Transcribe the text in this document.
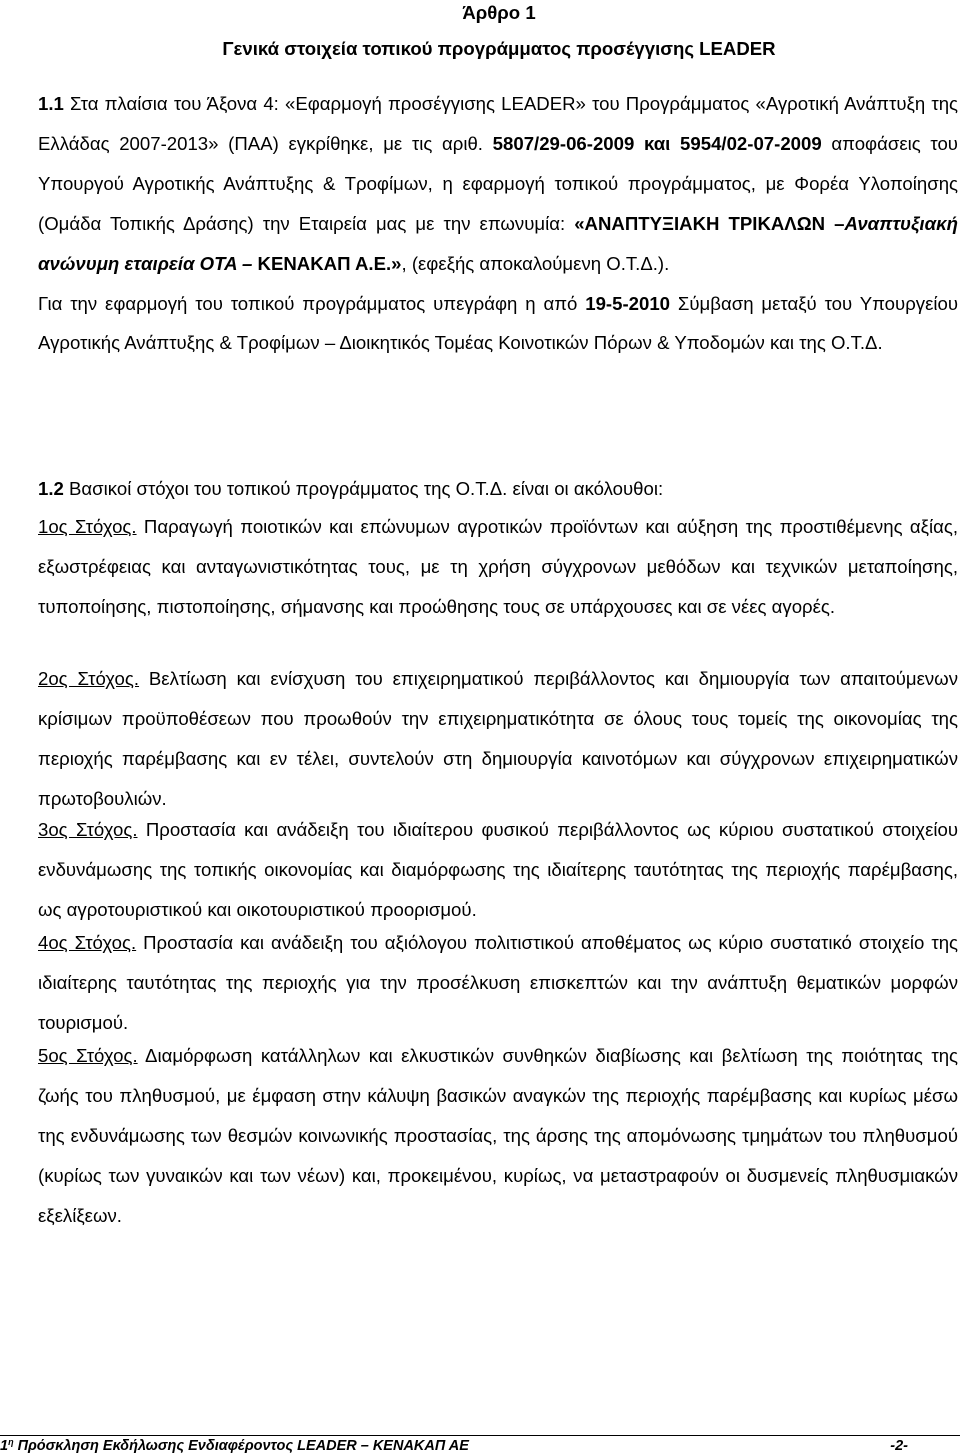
Άρθρο 1

Γενικά στοιχεία τοπικού προγράμματος προσέγγισης LEADER

1.1 Στα πλαίσια του Άξονα 4: «Εφαρμογή προσέγγισης LEADER» του Προγράμματος «Αγροτική Ανάπτυξη της Ελλάδας 2007-2013» (ΠΑΑ) εγκρίθηκε, με τις αριθ. 5807/29-06-2009 και 5954/02-07-2009 αποφάσεις του Υπουργού Αγροτικής Ανάπτυξης & Τροφίμων, η εφαρμογή τοπικού προγράμματος, με Φορέα Υλοποίησης (Ομάδα Τοπικής Δράσης) την Εταιρεία μας με την επωνυμία: «ΑΝΑΠΤΥΞΙΑΚΗ ΤΡΙΚΑΛΩΝ –Αναπτυξιακή ανώνυμη εταιρεία ΟΤΑ – ΚΕΝΑΚΑΠ Α.Ε.», (εφεξής αποκαλούμενη Ο.Τ.Δ.).
Για την εφαρμογή του τοπικού προγράμματος υπεγράφη η από 19-5-2010 Σύμβαση μεταξύ του Υπουργείου Αγροτικής Ανάπτυξης & Τροφίμων – Διοικητικός Τομέας Κοινοτικών Πόρων & Υποδομών και της Ο.Τ.Δ.

1.2 Βασικοί στόχοι του τοπικού προγράμματος της Ο.Τ.Δ. είναι οι ακόλουθοι:

1ος Στόχος. Παραγωγή ποιοτικών και επώνυμων αγροτικών προϊόντων και αύξηση της προστιθέμενης αξίας, εξωστρέφειας και ανταγωνιστικότητας τους, με τη χρήση σύγχρονων μεθόδων και τεχνικών μεταποίησης, τυποποίησης, πιστοποίησης, σήμανσης και προώθησης τους σε υπάρχουσες και σε νέες αγορές.

2ος Στόχος. Βελτίωση και ενίσχυση του επιχειρηματικού περιβάλλοντος και δημιουργία των απαιτούμενων κρίσιμων προϋποθέσεων που προωθούν την επιχειρηματικότητα σε όλους τους τομείς της οικονομίας της περιοχής παρέμβασης και εν τέλει, συντελούν στη δημιουργία καινοτόμων και σύγχρονων επιχειρηματικών πρωτοβουλιών.

3ος Στόχος. Προστασία και ανάδειξη του ιδιαίτερου φυσικού περιβάλλοντος ως κύριου συστατικού στοιχείου ενδυνάμωσης της τοπικής οικονομίας και διαμόρφωσης της ιδιαίτερης ταυτότητας της περιοχής παρέμβασης, ως αγροτουριστικού και οικοτουριστικού προορισμού.

4ος Στόχος. Προστασία και ανάδειξη του αξιόλογου πολιτιστικού αποθέματος ως κύριο συστατικό στοιχείο της ιδιαίτερης ταυτότητας της περιοχής για την προσέλκυση επισκεπτών και την ανάπτυξη θεματικών μορφών τουρισμού.

5ος Στόχος. Διαμόρφωση κατάλληλων και ελκυστικών συνθηκών διαβίωσης και βελτίωση της ποιότητας της ζωής του πληθυσμού, με έμφαση στην κάλυψη βασικών αναγκών της περιοχής παρέμβασης και κυρίως μέσω της ενδυνάμωσης των θεσμών κοινωνικής προστασίας, της άρσης της απομόνωσης τμημάτων του πληθυσμού (κυρίως των γυναικών και των νέων) και, προκειμένου, κυρίως, να μεταστραφούν οι δυσμενείς πληθυσμιακών εξελίξεων.

$1^\eta$ Πρόσκληση Εκδήλωσης Ενδιαφέροντος LEADER – ΚΕΝΑΚΑΠ ΑΕ	-2-
